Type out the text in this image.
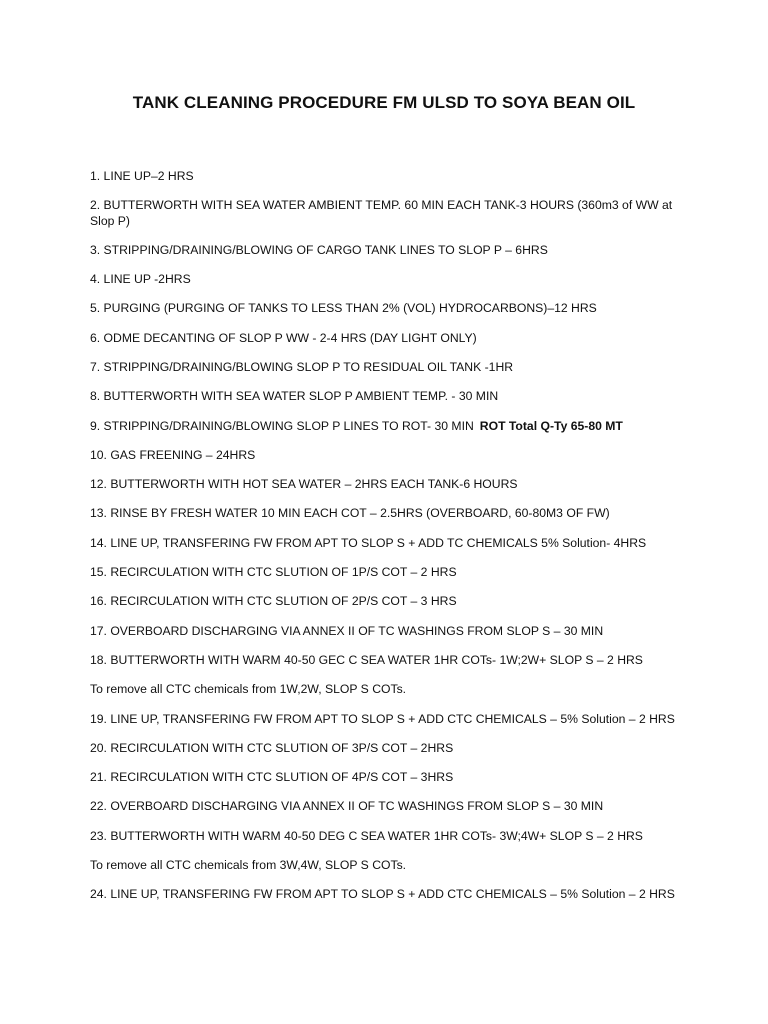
TANK CLEANING PROCEDURE FM ULSD TO SOYA BEAN OIL
1. LINE UP–2 HRS
2. BUTTERWORTH WITH SEA WATER AMBIENT TEMP. 60 MIN EACH TANK-3 HOURS (360m3 of WW at Slop P)
3. STRIPPING/DRAINING/BLOWING OF CARGO TANK LINES TO SLOP P – 6HRS
4. LINE UP -2HRS
5. PURGING (PURGING OF TANKS TO LESS THAN 2% (VOL) HYDROCARBONS)–12 HRS
6. ODME DECANTING OF SLOP P WW - 2-4 HRS (DAY LIGHT ONLY)
7. STRIPPING/DRAINING/BLOWING SLOP P TO RESIDUAL OIL TANK -1HR
8. BUTTERWORTH WITH SEA WATER SLOP P AMBIENT TEMP. - 30 MIN
9. STRIPPING/DRAINING/BLOWING SLOP P LINES TO ROT- 30 MIN ROT Total Q-Ty 65-80 MT
10. GAS FREENING – 24HRS
12. BUTTERWORTH WITH HOT SEA WATER – 2HRS EACH TANK-6 HOURS
13. RINSE BY FRESH WATER 10 MIN EACH COT – 2.5HRS (OVERBOARD, 60-80M3 OF FW)
14. LINE UP, TRANSFERING FW FROM APT TO SLOP S + ADD TC CHEMICALS 5% Solution- 4HRS
15. RECIRCULATION WITH CTC SLUTION OF 1P/S COT – 2 HRS
16. RECIRCULATION WITH CTC SLUTION OF 2P/S COT – 3 HRS
17. OVERBOARD DISCHARGING VIA ANNEX II OF TC WASHINGS FROM SLOP S – 30 MIN
18. BUTTERWORTH WITH WARM 40-50 GEC C SEA WATER 1HR COTs- 1W;2W+ SLOP S – 2 HRS
To remove all CTC chemicals from 1W,2W, SLOP S COTs.
19. LINE UP, TRANSFERING FW FROM APT TO SLOP S + ADD CTC CHEMICALS – 5% Solution – 2 HRS
20. RECIRCULATION WITH CTC SLUTION OF 3P/S COT – 2HRS
21. RECIRCULATION WITH CTC SLUTION OF 4P/S COT – 3HRS
22. OVERBOARD DISCHARGING VIA ANNEX II OF TC WASHINGS FROM SLOP S – 30 MIN
23. BUTTERWORTH WITH WARM 40-50 DEG C SEA WATER 1HR COTs- 3W;4W+ SLOP S – 2 HRS
To remove all CTC chemicals from 3W,4W, SLOP S COTs.
24. LINE UP, TRANSFERING FW FROM APT TO SLOP S + ADD CTC CHEMICALS – 5% Solution – 2 HRS
